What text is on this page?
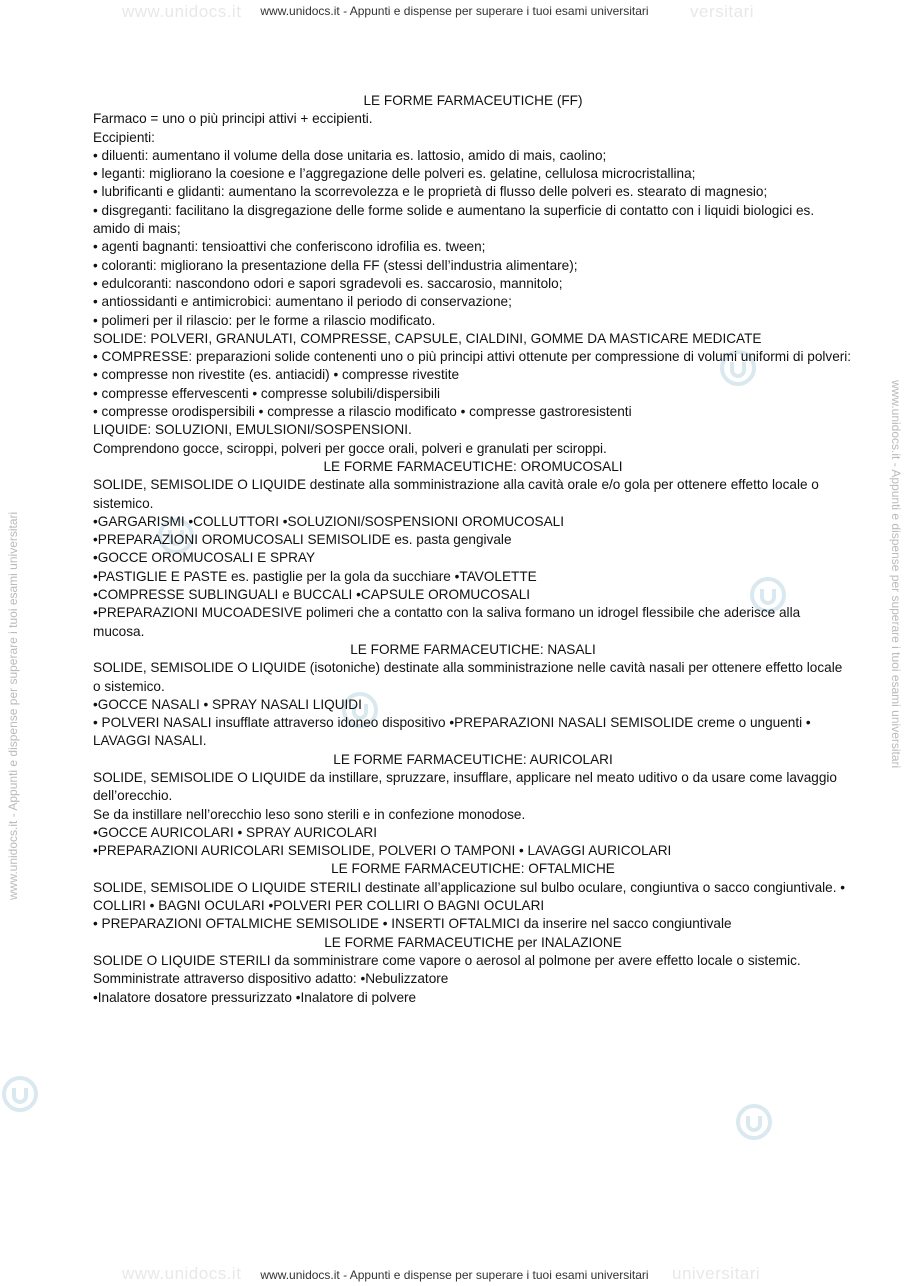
www.unidocs.it	versitari
www.unidocs.it	universitari
www.unidocs.it - Appunti e dispense per superare i tuoi esami universitari
www.unidocs.it - Appunti e dispense per superare i tuoi esami universitari
www.unidocs.it - Appunti e dispense per superare i tuoi esami universitari	www.unidocs.it - Appunti e dispense per superare i tuoi esami universitari

LE FORME FARMACEUTICHE (FF)

Farmaco = uno o più principi attivi + eccipienti.

Eccipienti:

• diluenti: aumentano il volume della dose unitaria es. lattosio, amido di mais, caolino;

• leganti: migliorano la coesione e l’aggregazione delle polveri es. gelatine, cellulosa microcristallina;

• lubrificanti e glidanti: aumentano la scorrevolezza e le proprietà di flusso delle polveri es. stearato di magnesio;

• disgreganti: facilitano la disgregazione delle forme solide e aumentano la superficie di contatto con i liquidi biologici es. amido di mais;

• agenti bagnanti: tensioattivi che conferiscono idrofilia es. tween;

• coloranti: migliorano la presentazione della FF (stessi dell’industria alimentare);

• edulcoranti: nascondono odori e sapori sgradevoli es. saccarosio, mannitolo;

• antiossidanti e antimicrobici: aumentano il periodo di conservazione;

• polimeri per il rilascio: per le forme a rilascio modificato.

SOLIDE: POLVERI, GRANULATI, COMPRESSE, CAPSULE, CIALDINI, GOMME DA MASTICARE MEDICATE

• COMPRESSE: preparazioni solide contenenti uno o più principi attivi ottenute per compressione di volumi uniformi di polveri:

• compresse non rivestite (es. antiacidi) • compresse rivestite

• compresse effervescenti • compresse solubili/dispersibili

• compresse orodispersibili • compresse a rilascio modificato • compresse gastroresistenti

LIQUIDE: SOLUZIONI, EMULSIONI/SOSPENSIONI.

Comprendono gocce, sciroppi, polveri per gocce orali, polveri e granulati per sciroppi.

LE FORME FARMACEUTICHE: OROMUCOSALI

SOLIDE, SEMISOLIDE O LIQUIDE destinate alla somministrazione alla cavità orale e/o gola per ottenere effetto locale o sistemico.

•GARGARISMI •COLLUTTORI •SOLUZIONI/SOSPENSIONI OROMUCOSALI

•PREPARAZIONI OROMUCOSALI SEMISOLIDE es. pasta gengivale

•GOCCE OROMUCOSALI E SPRAY

•PASTIGLIE E PASTE es. pastiglie per la gola da succhiare •TAVOLETTE

•COMPRESSE SUBLINGUALI e BUCCALI •CAPSULE OROMUCOSALI

•PREPARAZIONI MUCOADESIVE polimeri che a contatto con la saliva formano un idrogel flessibile che aderisce alla mucosa.

LE FORME FARMACEUTICHE: NASALI

SOLIDE, SEMISOLIDE O LIQUIDE (isotoniche) destinate alla somministrazione nelle cavità nasali per ottenere effetto locale o sistemico.

•GOCCE NASALI • SPRAY NASALI LIQUIDI

• POLVERI NASALI insufflate attraverso idoneo dispositivo •PREPARAZIONI NASALI SEMISOLIDE creme o unguenti • LAVAGGI NASALI.

LE FORME FARMACEUTICHE: AURICOLARI

SOLIDE, SEMISOLIDE O LIQUIDE da instillare, spruzzare, insufflare, applicare nel meato uditivo o da usare come lavaggio dell’orecchio.

Se da instillare nell’orecchio leso sono sterili e in confezione monodose.

•GOCCE AURICOLARI • SPRAY AURICOLARI

•PREPARAZIONI AURICOLARI SEMISOLIDE, POLVERI O TAMPONI • LAVAGGI AURICOLARI

LE FORME FARMACEUTICHE: OFTALMICHE

SOLIDE, SEMISOLIDE O LIQUIDE STERILI destinate all’applicazione sul bulbo oculare, congiuntiva o sacco congiuntivale. • COLLIRI • BAGNI OCULARI •POLVERI PER COLLIRI O BAGNI OCULARI

• PREPARAZIONI OFTALMICHE SEMISOLIDE • INSERTI OFTALMICI da inserire nel sacco congiuntivale

LE FORME FARMACEUTICHE per INALAZIONE

SOLIDE O LIQUIDE STERILI da somministrare come vapore o aerosol al polmone per avere effetto locale o sistemic. Somministrate attraverso dispositivo adatto: •Nebulizzatore

•Inalatore dosatore pressurizzato •Inalatore di polvere
